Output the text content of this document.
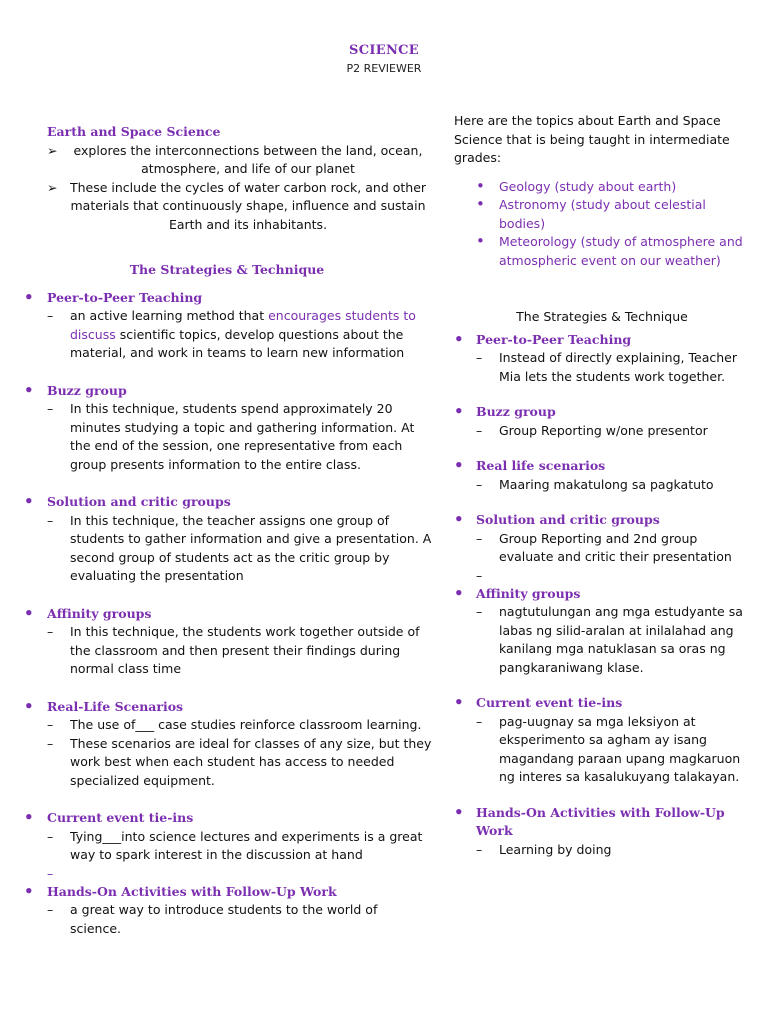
SCIENCE
P2 REVIEWER
Earth and Space Science
➢ explores the interconnections between the land, ocean, atmosphere, and life of our planet
➢ These include the cycles of water carbon rock, and other materials that continuously shape, influence and sustain Earth and its inhabitants.
The Strategies & Technique
• Peer-to-Peer Teaching
– an active learning method that encourages students to discuss scientific topics, develop questions about the material, and work in teams to learn new information
• Buzz group
– In this technique, students spend approximately 20 minutes studying a topic and gathering information. At the end of the session, one representative from each group presents information to the entire class.
• Solution and critic groups
– In this technique, the teacher assigns one group of students to gather information and give a presentation. A second group of students act as the critic group by evaluating the presentation
• Affinity groups
– In this technique, the students work together outside of the classroom and then present their findings during normal class time
• Real-Life Scenarios
– The use of___ case studies reinforce classroom learning.
– These scenarios are ideal for classes of any size, but they work best when each student has access to needed specialized equipment.
• Current event tie-ins
– Tying___into science lectures and experiments is a great way to spark interest in the discussion at hand
–
• Hands-On Activities with Follow-Up Work
– a great way to introduce students to the world of science.
Here are the topics about Earth and Space Science that is being taught in intermediate grades:
• Geology (study about earth)
• Astronomy (study about celestial bodies)
• Meteorology (study of atmosphere and atmospheric event on our weather)
The Strategies & Technique
• Peer-to-Peer Teaching
– Instead of directly explaining, Teacher Mia lets the students work together.
• Buzz group
– Group Reporting w/one presentor
• Real life scenarios
– Maaring makatulong sa pagkatuto
• Solution and critic groups
– Group Reporting and 2nd group evaluate and critic their presentation
–
• Affinity groups
– nagtutulungan ang mga estudyante sa labas ng silid-aralan at inilalahad ang kanilang mga natuklasan sa oras ng pangkaraniwang klase.
• Current event tie-ins
– pag-uugnay sa mga leksiyon at eksperimento sa agham ay isang magandang paraan upang magkaruon ng interes sa kasalukuyang talakayan.
• Hands-On Activities with Follow-Up Work
– Learning by doing
